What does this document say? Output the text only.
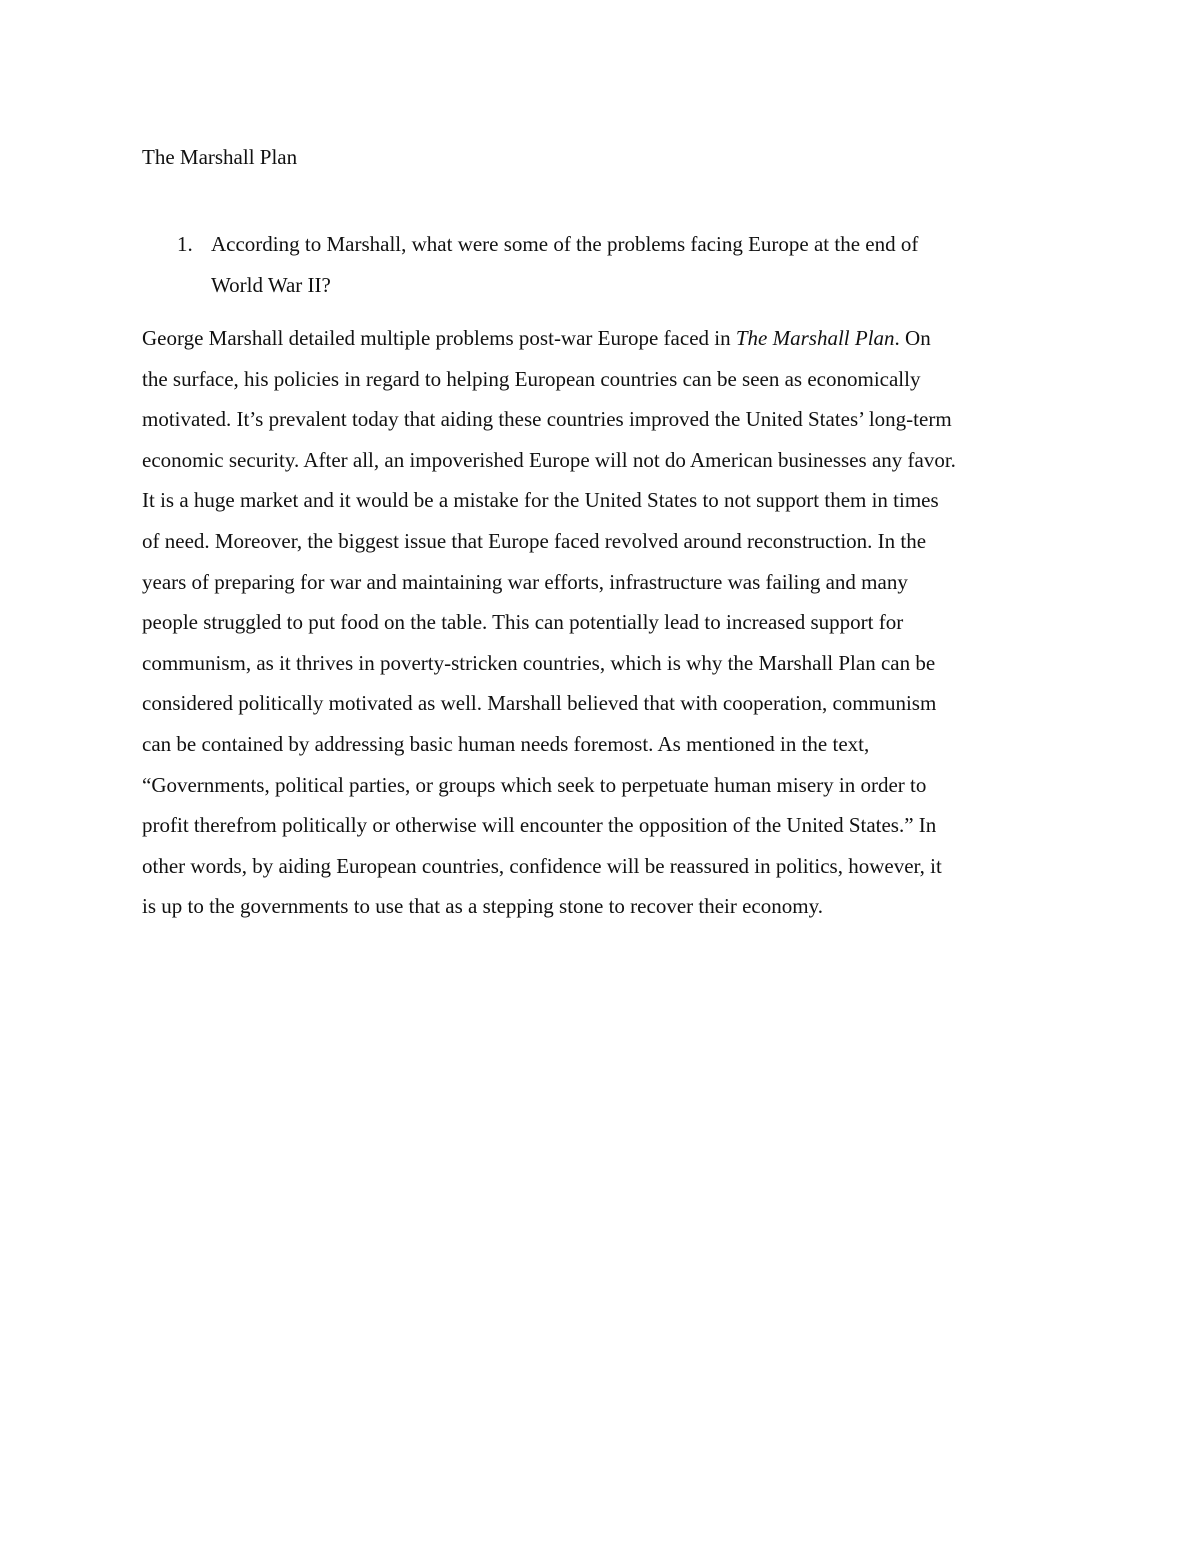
The Marshall Plan
1. According to Marshall, what were some of the problems facing Europe at the end of
World War II?
George Marshall detailed multiple problems post-war Europe faced in The Marshall Plan. On
the surface, his policies in regard to helping European countries can be seen as economically
motivated. It’s prevalent today that aiding these countries improved the United States’ long-term
economic security. After all, an impoverished Europe will not do American businesses any favor.
It is a huge market and it would be a mistake for the United States to not support them in times
of need. Moreover, the biggest issue that Europe faced revolved around reconstruction. In the
years of preparing for war and maintaining war efforts, infrastructure was failing and many
people struggled to put food on the table. This can potentially lead to increased support for
communism, as it thrives in poverty-stricken countries, which is why the Marshall Plan can be
considered politically motivated as well. Marshall believed that with cooperation, communism
can be contained by addressing basic human needs foremost. As mentioned in the text,
“Governments, political parties, or groups which seek to perpetuate human misery in order to
profit therefrom politically or otherwise will encounter the opposition of the United States.” In
other words, by aiding European countries, confidence will be reassured in politics, however, it
is up to the governments to use that as a stepping stone to recover their economy.
